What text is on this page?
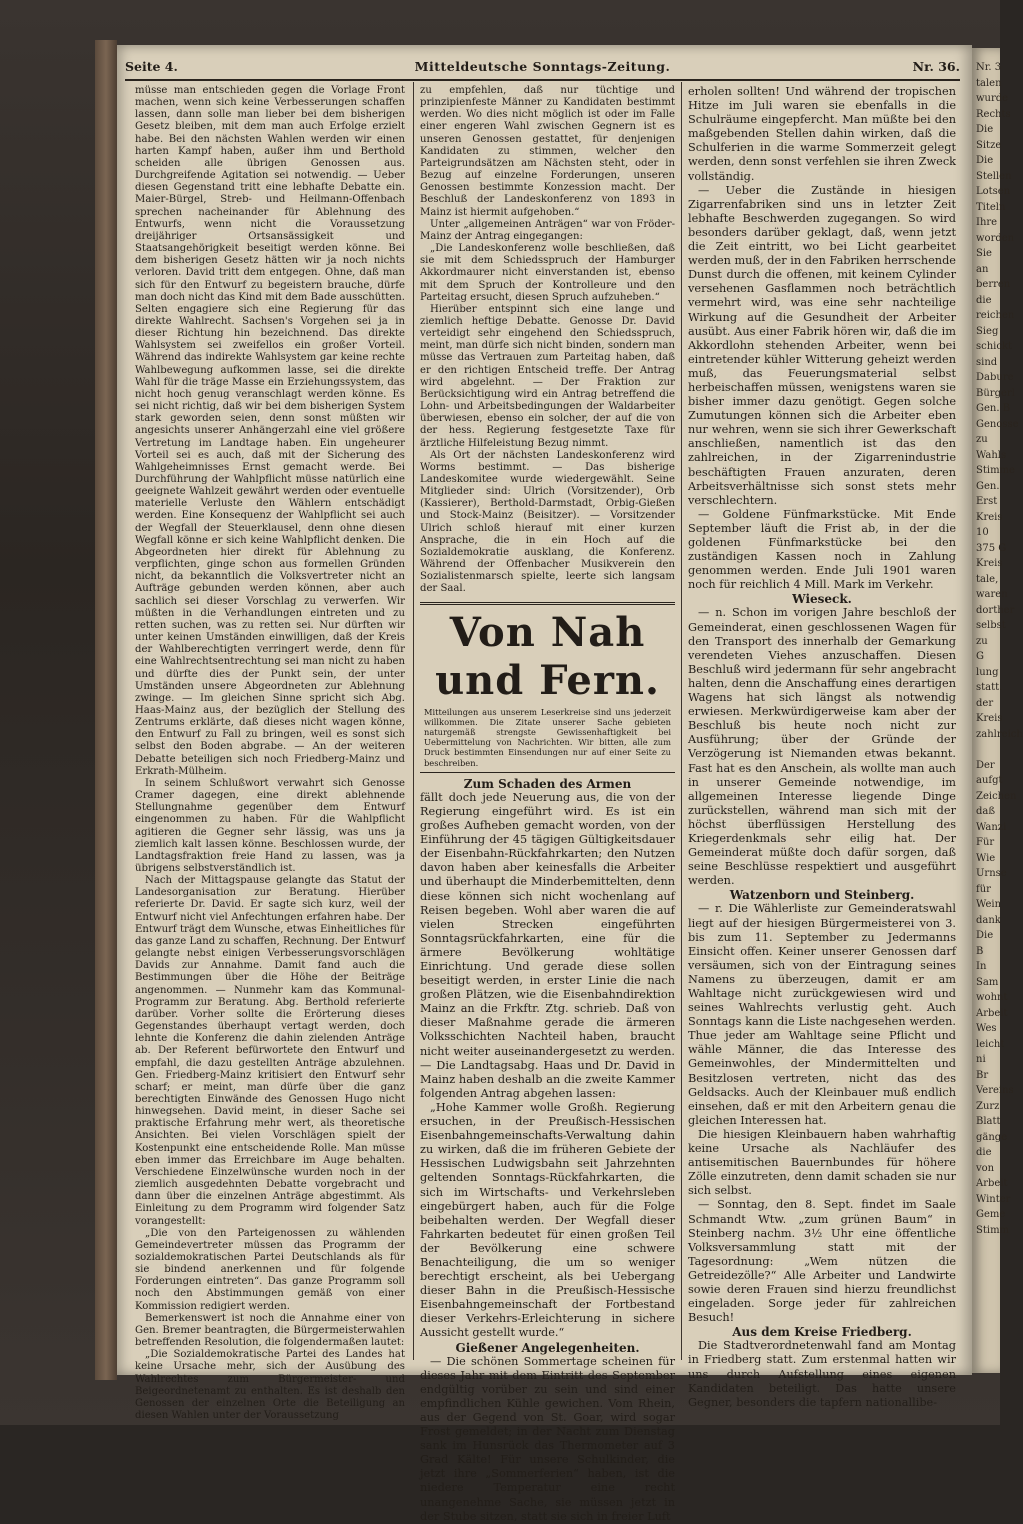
Seite 4.	Mitteldeutsche Sonntags-Zeitung.	Nr. 36.

müsse man entschieden gegen die Vorlage Front machen, wenn sich keine Verbesserungen schaffen lassen, dann solle man lieber bei dem bisherigen Gesetz bleiben, mit dem man auch Erfolge erzielt habe. Bei den nächsten Wahlen werden wir einen harten Kampf haben, außer ihm und Berthold scheiden alle übrigen Genossen aus. Durchgreifende Agitation sei notwendig. — Ueber diesen Gegenstand tritt eine lebhafte Debatte ein. Maier-Bürgel, Streb- und Heilmann-Offenbach sprechen nacheinander für Ablehnung des Entwurfs, wenn nicht die Voraussetzung dreijähriger Ortsansässigkeit und Staatsangehörigkeit beseitigt werden könne. Bei dem bisherigen Gesetz hätten wir ja noch nichts verloren. David tritt dem entgegen. Ohne, daß man sich für den Entwurf zu begeistern brauche, dürfe man doch nicht das Kind mit dem Bade ausschütten. Selten engagiere sich eine Regierung für das direkte Wahlrecht. Sachsen's Vorgehen sei ja in dieser Richtung hin bezeichnend. Das direkte Wahlsystem sei zweifellos ein großer Vorteil. Während das indirekte Wahlsystem gar keine rechte Wahlbewegung aufkommen lasse, sei die direkte Wahl für die träge Masse ein Erziehungssystem, das nicht hoch genug veranschlagt werden könne. Es sei nicht richtig, daß wir bei dem bisherigen System stark geworden seien, denn sonst müßten wir angesichts unserer Anhängerzahl eine viel größere Vertretung im Landtage haben. Ein ungeheurer Vorteil sei es auch, daß mit der Sicherung des Wahlgeheimnisses Ernst gemacht werde. Bei Durchführung der Wahlpflicht müsse natürlich eine geeignete Wahlzeit gewährt werden oder eventuelle materielle Verluste den Wählern entschädigt werden. Eine Konsequenz der Wahlpflicht sei auch der Wegfall der Steuerklausel, denn ohne diesen Wegfall könne er sich keine Wahlpflicht denken. Die Abgeordneten hier direkt für Ablehnung zu verpflichten, ginge schon aus formellen Gründen nicht, da bekanntlich die Volksvertreter nicht an Aufträge gebunden werden können, aber auch sachlich sei dieser Vorschlag zu verwerfen. Wir müßten in die Verhandlungen eintreten und zu retten suchen, was zu retten sei. Nur dürften wir unter keinen Umständen einwilligen, daß der Kreis der Wahlberechtigten verringert werde, denn für eine Wahlrechtsentrechtung sei man nicht zu haben und dürfte dies der Punkt sein, der unter Umständen unsere Abgeordneten zur Ablehnung zwinge. — Im gleichen Sinne spricht sich Abg. Haas-Mainz aus, der bezüglich der Stellung des Zentrums erklärte, daß dieses nicht wagen könne, den Entwurf zu Fall zu bringen, weil es sonst sich selbst den Boden abgrabe. — An der weiteren Debatte beteiligen sich noch Friedberg-Mainz und Erkrath-Mülheim.

In seinem Schlußwort verwahrt sich Genosse Cramer dagegen, eine direkt ablehnende Stellungnahme gegenüber dem Entwurf eingenommen zu haben. Für die Wahlpflicht agitieren die Gegner sehr lässig, was uns ja ziemlich kalt lassen könne. Beschlossen wurde, der Landtagsfraktion freie Hand zu lassen, was ja übrigens selbstverständlich ist.

Nach der Mittagspause gelangte das Statut der Landesorganisation zur Beratung. Hierüber referierte Dr. David. Er sagte sich kurz, weil der Entwurf nicht viel Anfechtungen erfahren habe. Der Entwurf trägt dem Wunsche, etwas Einheitliches für das ganze Land zu schaffen, Rechnung. Der Entwurf gelangte nebst einigen Verbesserungsvorschlägen Davids zur Annahme. Damit fand auch die Bestimmungen über die Höhe der Beiträge angenommen. — Nunmehr kam das Kommunal-Programm zur Beratung. Abg. Berthold referierte darüber. Vorher sollte die Erörterung dieses Gegenstandes überhaupt vertagt werden, doch lehnte die Konferenz die dahin zielenden Anträge ab. Der Referent befürwortete den Entwurf und empfahl, die dazu gestellten Anträge abzulehnen. Gen. Friedberg-Mainz kritisiert den Entwurf sehr scharf; er meint, man dürfe über die ganz berechtigten Einwände des Genossen Hugo nicht hinwegsehen. David meint, in dieser Sache sei praktische Erfahrung mehr wert, als theoretische Ansichten. Bei vielen Vorschlägen spielt der Kostenpunkt eine entscheidende Rolle. Man müsse eben immer das Erreichbare im Auge behalten. Verschiedene Einzelwünsche wurden noch in der ziemlich ausgedehnten Debatte vorgebracht und dann über die einzelnen Anträge abgestimmt. Als Einleitung zu dem Programm wird folgender Satz vorangestellt:

„Die von den Parteigenossen zu wählenden Gemeindevertreter müssen das Programm der sozialdemokratischen Partei Deutschlands als für sie bindend anerkennen und für folgende Forderungen eintreten“. Das ganze Programm soll noch den Abstimmungen gemäß von einer Kommission redigiert werden.

Bemerkenswert ist noch die Annahme einer von Gen. Bremer beantragten, die Bürgermeisterwahlen betreffenden Resolution, die folgendermaßen lautet:

„Die Sozialdemokratische Partei des Landes hat keine Ursache mehr, sich der Ausübung des Wahlrechtes zum Bürgermeister- und Beigeordnetenamt zu enthalten. Es ist deshalb den Genossen der einzelnen Orte die Beteiligung an diesen Wahlen unter der Voraussetzung

zu empfehlen, daß nur tüchtige und prinzipienfeste Männer zu Kandidaten bestimmt werden. Wo dies nicht möglich ist oder im Falle einer engeren Wahl zwischen Gegnern ist es unseren Genossen gestattet, für denjenigen Kandidaten zu stimmen, welcher den Parteigrundsätzen am Nächsten steht, oder in Bezug auf einzelne Forderungen, unseren Genossen bestimmte Konzession macht. Der Beschluß der Landeskonferenz von 1893 in Mainz ist hiermit aufgehoben.“

Unter „allgemeinen Anträgen“ war von Fröder-Mainz der Antrag eingegangen:

„Die Landeskonferenz wolle beschließen, daß sie mit dem Schiedsspruch der Hamburger Akkordmaurer nicht einverstanden ist, ebenso mit dem Spruch der Kontrolleure und den Parteitag ersucht, diesen Spruch aufzuheben.“

Hierüber entspinnt sich eine lange und ziemlich heftige Debatte. Genosse Dr. David verteidigt sehr eingehend den Schiedsspruch, meint, man dürfe sich nicht binden, sondern man müsse das Vertrauen zum Parteitag haben, daß er den richtigen Entscheid treffe. Der Antrag wird abgelehnt. — Der Fraktion zur Berücksichtigung wird ein Antrag betreffend die Lohn- und Arbeitsbedingungen der Waldarbeiter überwiesen, ebenso ein solcher, der auf die von der hess. Regierung festgesetzte Taxe für ärztliche Hilfeleistung Bezug nimmt.

Als Ort der nächsten Landeskonferenz wird Worms bestimmt. — Das bisherige Landeskomitee wurde wiedergewählt. Seine Mitglieder sind: Ulrich (Vorsitzender), Orb (Kassierer), Berthold-Darmstadt, Orbig-Gießen und Stock-Mainz (Beisitzer). — Vorsitzender Ulrich schloß hierauf mit einer kurzen Ansprache, die in ein Hoch auf die Sozialdemokratie ausklang, die Konferenz. Während der Offenbacher Musikverein den Sozialistenmarsch spielte, leerte sich langsam der Saal.

Von Nah und Fern.
Mitteilungen aus unserem Leserkreise sind uns jederzeit willkommen. Die Zitate unserer Sache gebieten naturgemäß strengste Gewissenhaftigkeit bei Uebermittelung von Nachrichten. Wir bitten, alle zum Druck bestimmten Einsendungen nur auf einer Seite zu beschreiben.

Zum Schaden des Armen

fällt doch jede Neuerung aus, die von der Regierung eingeführt wird. Es ist ein großes Aufheben gemacht worden, von der Einführung der 45 tägigen Gültigkeitsdauer der Eisenbahn-Rückfahrkarten; den Nutzen davon haben aber keinesfalls die Arbeiter und überhaupt die Minderbemittelten, denn diese können sich nicht wochenlang auf Reisen begeben. Wohl aber waren die auf vielen Strecken eingeführten Sonntagsrückfahrkarten, eine für die ärmere Bevölkerung wohltätige Einrichtung. Und gerade diese sollen beseitigt werden, in erster Linie die nach großen Plätzen, wie die Eisenbahndirektion Mainz an die Frkftr. Ztg. schrieb. Daß von dieser Maßnahme gerade die ärmeren Volksschichten Nachteil haben, braucht nicht weiter auseinandergesetzt zu werden. — Die Landtagsabg. Haas und Dr. David in Mainz haben deshalb an die zweite Kammer folgenden Antrag abgehen lassen:

„Hohe Kammer wolle Großh. Regierung ersuchen, in der Preußisch-Hessischen Eisenbahngemeinschafts-Verwaltung dahin zu wirken, daß die im früheren Gebiete der Hessischen Ludwigsbahn seit Jahrzehnten geltenden Sonntags-Rückfahrkarten, die sich im Wirtschafts- und Verkehrsleben eingebürgert haben, auch für die Folge beibehalten werden. Der Wegfall dieser Fahrkarten bedeutet für einen großen Teil der Bevölkerung eine schwere Benachteiligung, die um so weniger berechtigt erscheint, als bei Uebergang dieser Bahn in die Preußisch-Hessische Eisenbahngemeinschaft der Fortbestand dieser Verkehrs-Erleichterung in sichere Aussicht gestellt wurde.“

Gießener Angelegenheiten.

— Die schönen Sommertage scheinen für dieses Jahr mit dem Eintritt des September endgültig vorüber zu sein und sind einer empfindlichen Kühle gewichen. Vom Rhein, aus der Gegend von St. Goar, wird sogar Frost gemeldet; in der Nacht zum Dienstag sank im Hunsrück das Thermometer auf 3 Grad Kälte! Für unsere Schulkinder, die jetzt ihre „Sommerferien“ haben, ist die niedere Temperatur eine recht unangenehme Sache, sie müssen jetzt in der Stube sitzen, statt sie sich in freier Luft

erholen sollten! Und während der tropischen Hitze im Juli waren sie ebenfalls in die Schulräume eingepfercht. Man müßte bei den maßgebenden Stellen dahin wirken, daß die Schulferien in die warme Sommerzeit gelegt werden, denn sonst verfehlen sie ihren Zweck vollständig.

— Ueber die Zustände in hiesigen Zigarrenfabriken sind uns in letzter Zeit lebhafte Beschwerden zugegangen. So wird besonders darüber geklagt, daß, wenn jetzt die Zeit eintritt, wo bei Licht gearbeitet werden muß, der in den Fabriken herrschende Dunst durch die offenen, mit keinem Cylinder versehenen Gasflammen noch beträchtlich vermehrt wird, was eine sehr nachteilige Wirkung auf die Gesundheit der Arbeiter ausübt. Aus einer Fabrik hören wir, daß die im Akkordlohn stehenden Arbeiter, wenn bei eintretender kühler Witterung geheizt werden muß, das Feuerungsmaterial selbst herbeischaffen müssen, wenigstens waren sie bisher immer dazu genötigt. Gegen solche Zumutungen können sich die Arbeiter eben nur wehren, wenn sie sich ihrer Gewerkschaft anschließen, namentlich ist das den zahlreichen, in der Zigarrenindustrie beschäftigten Frauen anzuraten, deren Arbeitsverhältnisse sich sonst stets mehr verschlechtern.

— Goldene Fünfmarkstücke. Mit Ende September läuft die Frist ab, in der die goldenen Fünfmarkstücke bei den zuständigen Kassen noch in Zahlung genommen werden. Ende Juli 1901 waren noch für reichlich 4 Mill. Mark im Verkehr.

Wieseck.

— n. Schon im vorigen Jahre beschloß der Gemeinderat, einen geschlossenen Wagen für den Transport des innerhalb der Gemarkung verendeten Viehes anzuschaffen. Diesen Beschluß wird jedermann für sehr angebracht halten, denn die Anschaffung eines derartigen Wagens hat sich längst als notwendig erwiesen. Merkwürdigerweise kam aber der Beschluß bis heute noch nicht zur Ausführung; über der Gründe der Verzögerung ist Niemanden etwas bekannt. Fast hat es den Anschein, als wollte man auch in unserer Gemeinde notwendige, im allgemeinen Interesse liegende Dinge zurückstellen, während man sich mit der höchst überflüssigen Herstellung des Kriegerdenkmals sehr eilig hat. Der Gemeinderat müßte doch dafür sorgen, daß seine Beschlüsse respektiert und ausgeführt werden.

Watzenborn und Steinberg.

— r. Die Wählerliste zur Gemeinderatswahl liegt auf der hiesigen Bürgermeisterei von 3. bis zum 11. September zu Jedermanns Einsicht offen. Keiner unserer Genossen darf versäumen, sich von der Eintragung seines Namens zu überzeugen, damit er am Wahltage nicht zurückgewiesen wird und seines Wahlrechts verlustig geht. Auch Sonntags kann die Liste nachgesehen werden. Thue jeder am Wahltage seine Pflicht und wähle Männer, die das Interesse des Gemeinwohles, der Mindermittelten und Besitzlosen vertreten, nicht das des Geldsacks. Auch der Kleinbauer muß endlich einsehen, daß er mit den Arbeitern genau die gleichen Interessen hat.

Die hiesigen Kleinbauern haben wahrhaftig keine Ursache als Nachläufer des antisemitischen Bauernbundes für höhere Zölle einzutreten, denn damit schaden sie nur sich selbst.

— Sonntag, den 8. Sept. findet im Saale Schmandt Wtw. „zum grünen Baum“ in Steinberg nachm. 3½ Uhr eine öffentliche Volksversammlung statt mit der Tagesordnung: „Wem nützen die Getreidezölle?“ Alle Arbeiter und Landwirte sowie deren Frauen sind hierzu freundlichst eingeladen. Sorge jeder für zahlreichen Besuch!

Aus dem Kreise Friedberg.

Die Stadtverordnetenwahl fand am Montag in Friedberg statt. Zum erstenmal hatten wir uns durch Aufstellung eines eigenen Kandidaten beteiligt. Das hatte unsere Gegner, besonders die tapfern nationallibe-

Nr. 3
talen
wurde
Rechts
Die
Sitze
Die
Stellen
Lotsen
Titeln
Ihre
worden
Sie
an
berren
die
reichen
Sieg
schickt
sind
Dabure
Bürgerl
Gen. B
Genosse
zu
Wahls
Stimme
Gen.
Erst
Kreis
10
375 G
Kreis
tale,
waren
dorther
selbst
zu
G
lung
statt.
der
Kreis
zahlreich

Der
aufgt
Zeichen
daß
Wanzi
Für
Wie
Urnse
für
Wein
dank
Die
B
In
Sam
wohnt
Arbeit
Wes
leicht
ni
Br
Vereins
Zurz
Blatt
gänge
die
von
Arbeit
Winter
Geme
Stimm
